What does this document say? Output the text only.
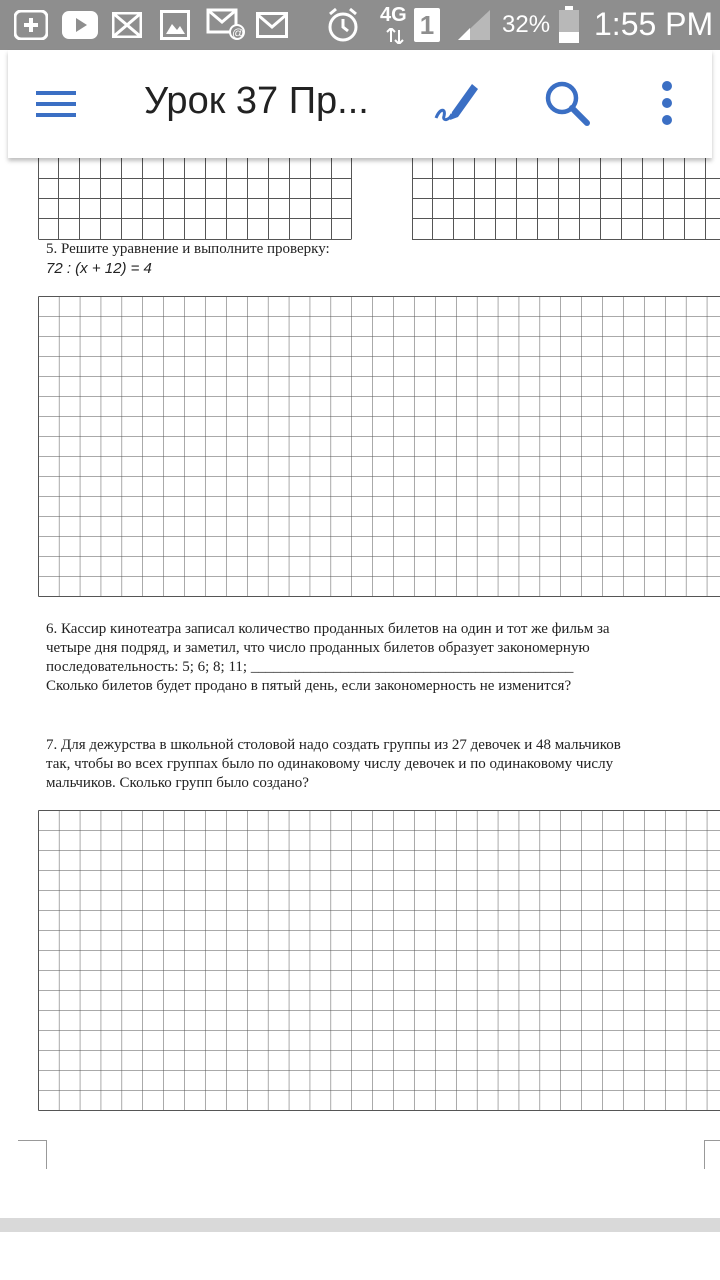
@
4G 1	32% 1:55 PM
5. Решите уравнение и выполните проверку:
72 : (x + 12) = 4
6. Кассир кинотеатра записал количество проданных билетов на один и тот же фильм за
четыре дня подряд, и заметил, что число проданных билетов образует закономерную
последовательность: 5; 6; 8; 11; ___________________________________________
Сколько билетов будет продано в пятый день, если закономерность не изменится?
7. Для дежурства в школьной столовой надо создать группы из 27 девочек и 48 мальчиков
так, чтобы во всех группах было по одинаковому числу девочек и по одинаковому числу
мальчиков. Сколько групп было создано?
Урок 37 Пр...
